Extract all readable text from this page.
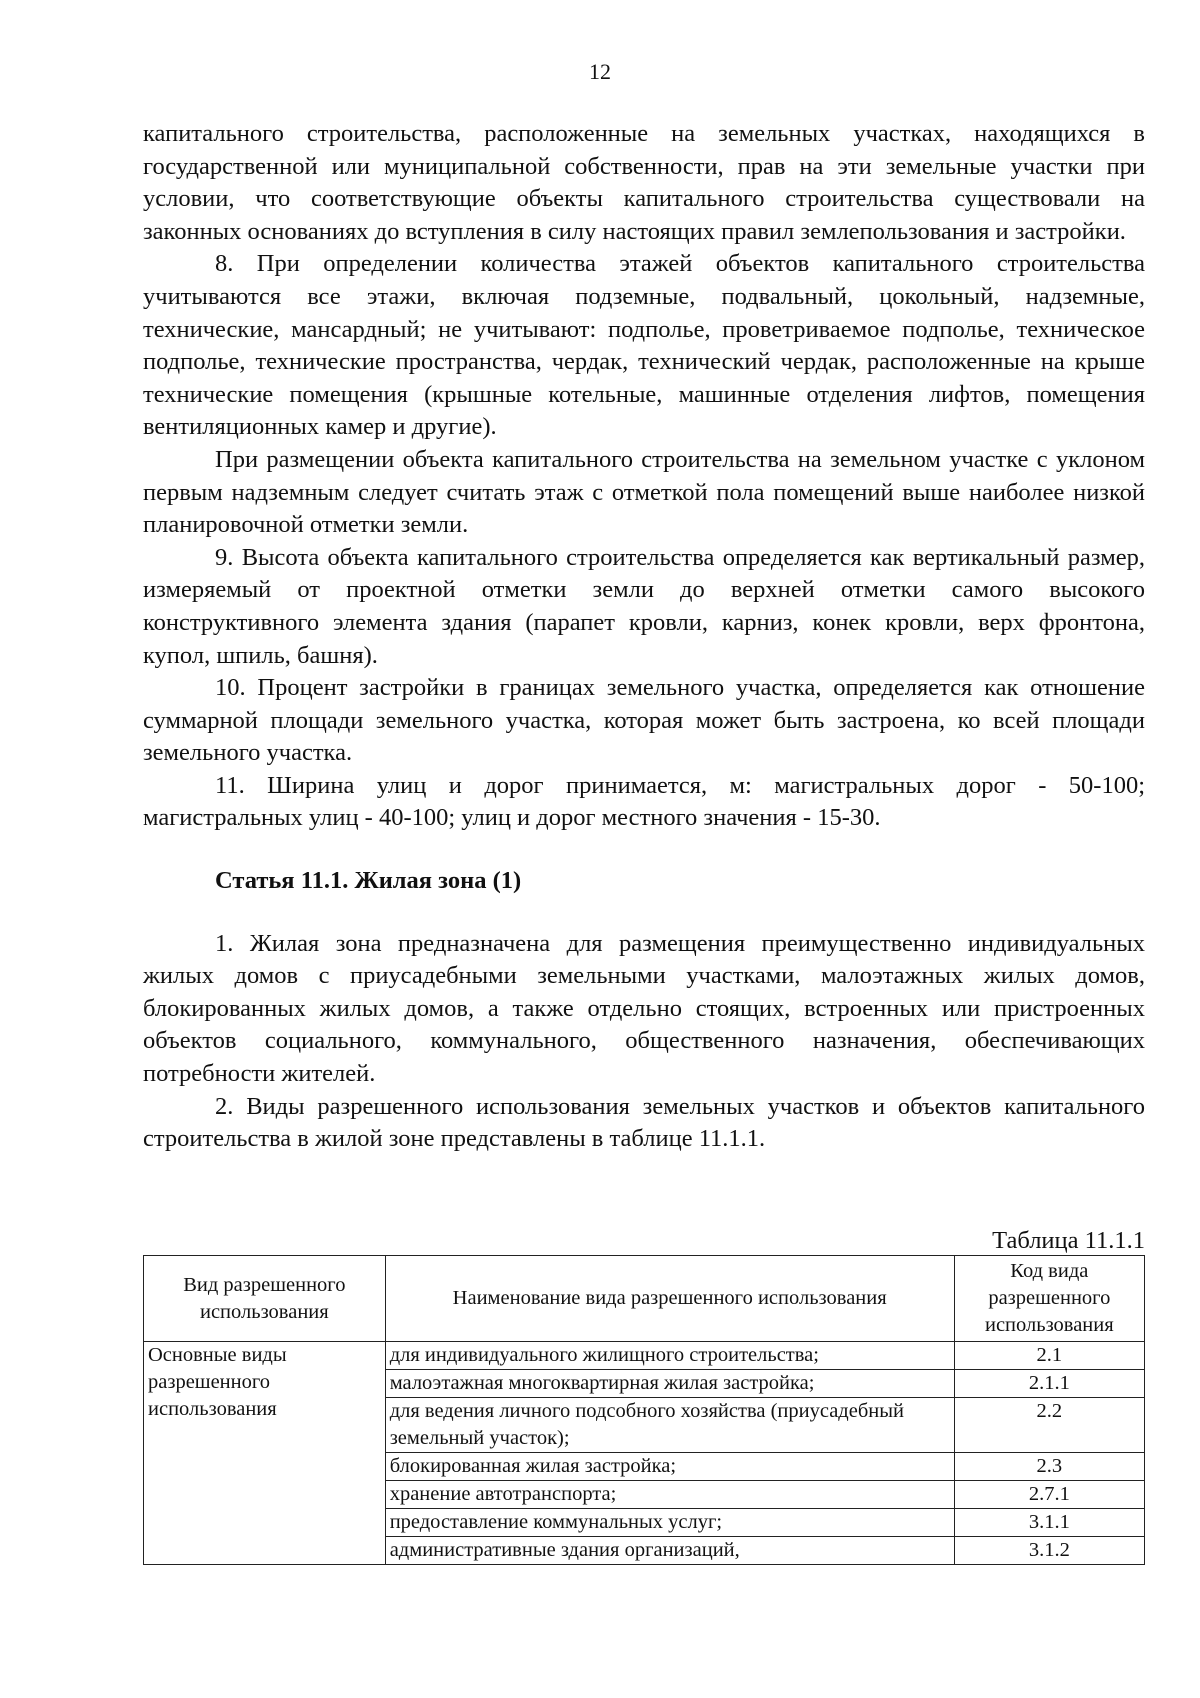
12

капитального строительства, расположенные на земельных участках, находящихся в государственной или муниципальной собственности, прав на эти земельные участки при условии, что соответствующие объекты капитального строительства существовали на законных основаниях до вступления в силу настоящих правил землепользования и застройки.

8. При определении количества этажей объектов капитального строительства учитываются все этажи, включая подземные, подвальный, цокольный, надземные, технические, мансардный; не учитывают: подполье, проветриваемое подполье, техническое подполье, технические пространства, чердак, технический чердак, расположенные на крыше технические помещения (крышные котельные, машинные отделения лифтов, помещения вентиляционных камер и другие).

При размещении объекта капитального строительства на земельном участке с уклоном первым надземным следует считать этаж с отметкой пола помещений выше наиболее низкой планировочной отметки земли.

9. Высота объекта капитального строительства определяется как вертикальный размер, измеряемый от проектной отметки земли до верхней отметки самого высокого конструктивного элемента здания (парапет кровли, карниз, конек кровли, верх фронтона, купол, шпиль, башня).

10. Процент застройки в границах земельного участка, определяется как отношение суммарной площади земельного участка, которая может быть застроена, ко всей площади земельного участка.

11. Ширина улиц и дорог принимается, м: магистральных дорог - 50-100; магистральных улиц - 40-100; улиц и дорог местного значения - 15-30.

Статья 11.1. Жилая зона (1)

1. Жилая зона предназначена для размещения преимущественно индивидуальных жилых домов с приусадебными земельными участками, малоэтажных жилых домов, блокированных жилых домов, а также отдельно стоящих, встроенных или пристроенных объектов социального, коммунального, общественного назначения, обеспечивающих потребности жителей.

2. Виды разрешенного использования земельных участков и объектов капитального строительства в жилой зоне представлены в таблице 11.1.1.

Таблица 11.1.1
Вид разрешенного использования	Наименование вида разрешенного использования	Код вида разрешенного использования
Основные виды разрешенного использования	для индивидуального жилищного строительства;	2.1
	малоэтажная многоквартирная жилая застройка;	2.1.1
	для ведения личного подсобного хозяйства (приусадебный земельный участок);	2.2
	блокированная жилая застройка;	2.3
	хранение автотранспорта;	2.7.1
	предоставление коммунальных услуг;	3.1.1
	административные здания организаций,	3.1.2
